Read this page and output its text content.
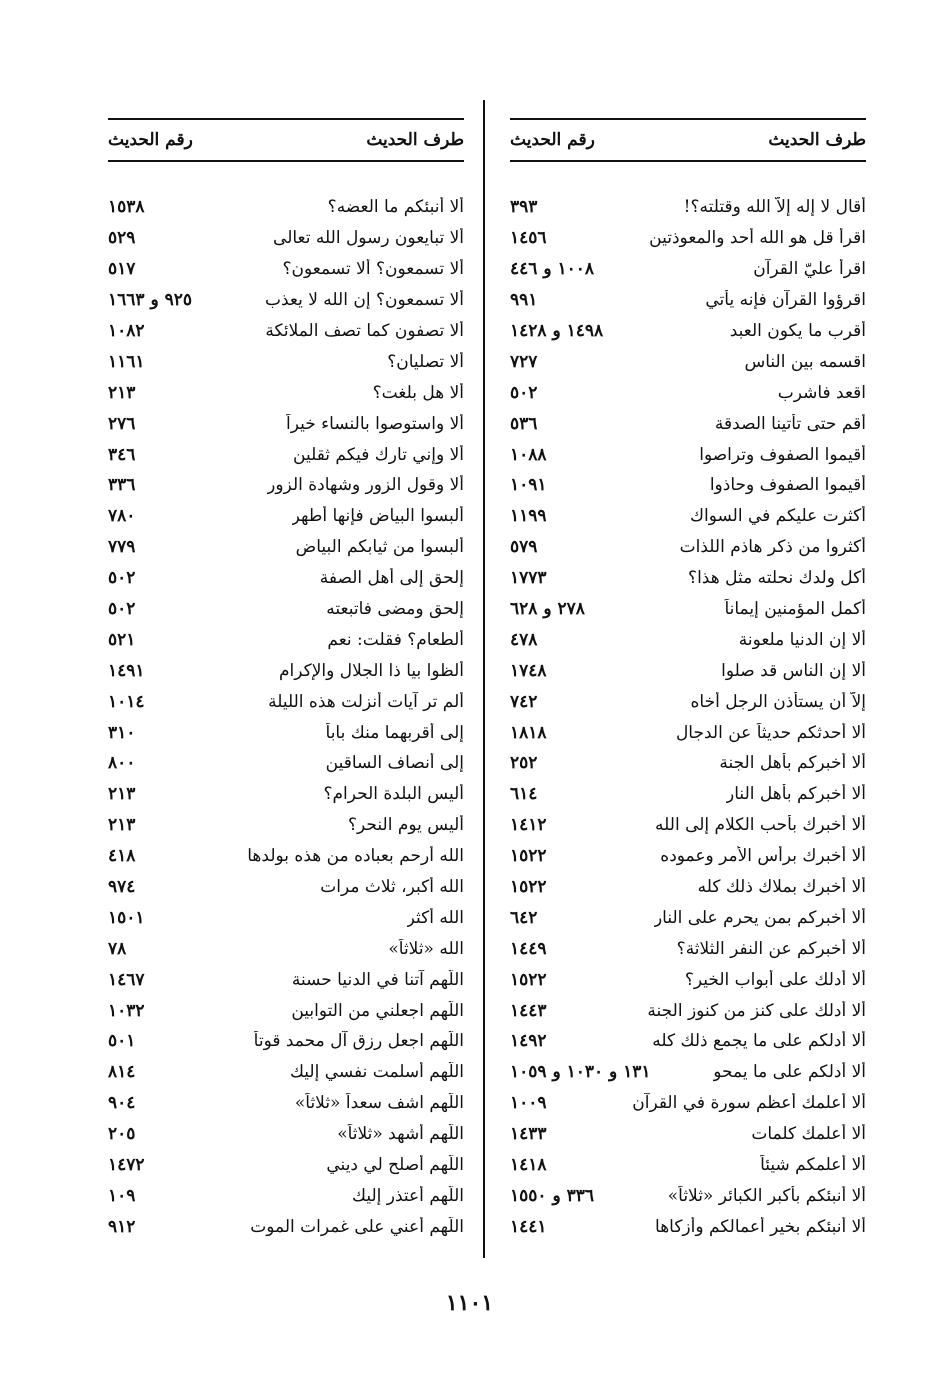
طرف الحديث
رقم الحديث
أقال لا إله إلاَّ الله وقتلته؟!
٣٩٣
اقرأ قل هو الله أحد والمعوذتين
١٤٥٦
اقرأ عليّ القرآن
١٠٠٨ و ٤٤٦
اقرؤوا القرآن فإنه يأتي
٩٩١
أقرب ما يكون العبد
١٤٩٨ و ١٤٢٨
اقسمه بين الناس
٧٢٧
اقعد فاشرب
٥٠٢
أقم حتى تأتينا الصدقة
٥٣٦
أقيموا الصفوف وتراصوا
١٠٨٨
أقيموا الصفوف وحاذوا
١٠٩١
أكثرت عليكم في السواك
١١٩٩
أكثروا من ذكر هاذم اللذات
٥٧٩
أكل ولدك نحلته مثل هذا؟
١٧٧٣
أكمل المؤمنين إيماناً
٢٧٨ و ٦٢٨
ألا إن الدنيا ملعونة
٤٧٨
ألا إن الناس قد صلوا
١٧٤٨
إلاَّ أن يستأذن الرجل أخاه
٧٤٢
ألا أحدثكم حديثاً عن الدجال
١٨١٨
ألا أخبركم بأهل الجنة
٢٥٢
ألا أخبركم بأهل النار
٦١٤
ألا أخبرك بأحب الكلام إلى الله
١٤١٢
ألا أخبرك برأس الأمر وعموده
١٥٢٢
ألا أخبرك بملاك ذلك كله
١٥٢٢
ألا أخبركم بمن يحرم على النار
٦٤٢
ألا أخبركم عن النفر الثلاثة؟
١٤٤٩
ألا أدلك على أبواب الخير؟
١٥٢٢
ألا أدلك على كنز من كنوز الجنة
١٤٤٣
ألا أدلكم على ما يجمع ذلك كله
١٤٩٢
ألا أدلكم على ما يمحو
١٣١ و ١٠٣٠ و ١٠٥٩
ألا أعلمك أعظم سورة في القرآن
١٠٠٩
ألا أعلمك كلمات
١٤٣٣
ألا أعلمكم شيئاً
١٤١٨
ألا أنبئكم بأكبر الكبائر «ثلاثاً»
٣٣٦ و ١٥٥٠
ألا أنبئكم بخير أعمالكم وأزكاها
١٤٤١
طرف الحديث
رقم الحديث
ألا أنبئكم ما العضه؟
١٥٣٨
ألا تبايعون رسول الله تعالى
٥٢٩
ألا تسمعون؟ ألا تسمعون؟
٥١٧
ألا تسمعون؟ إن الله لا يعذب
٩٢٥ و ١٦٦٣
ألا تصفون كما تصف الملائكة
١٠٨٢
ألا تصليان؟
١١٦١
ألا هل بلغت؟
٢١٣
ألا واستوصوا بالنساء خيراً
٢٧٦
ألا وإني تارك فيكم ثقلين
٣٤٦
ألا وقول الزور وشهادة الزور
٣٣٦
ألبسوا البياض فإنها أطهر
٧٨٠
ألبسوا من ثيابكم البياض
٧٧٩
إلحق إلى أهل الصفة
٥٠٢
إلحق ومضى فاتبعته
٥٠٢
ألطعام؟ فقلت: نعم
٥٢١
ألظوا بيا ذا الجلال والإكرام
١٤٩١
ألم تر آيات أنزلت هذه الليلة
١٠١٤
إلى أقربهما منك باباً
٣١٠
إلى أنصاف الساقين
٨٠٠
أليس البلدة الحرام؟
٢١٣
أليس يوم النحر؟
٢١٣
الله أرحم بعباده من هذه بولدها
٤١٨
الله أكبر، ثلاث مرات
٩٧٤
الله أكثر
١٥٠١
الله «ثلاثاً»
٧٨
اللَّهم آتنا في الدنيا حسنة
١٤٦٧
اللَّهم اجعلني من التوابين
١٠٣٢
اللَّهم اجعل رزق آل محمد قوتاً
٥٠١
اللَّهم أسلمت نفسي إليك
٨١٤
اللَّهم اشف سعداً «ثلاثاً»
٩٠٤
اللَّهم أشهد «ثلاثاً»
٢٠٥
اللَّهم أصلح لي ديني
١٤٧٢
اللَّهم أعتذر إليك
١٠٩
اللَّهم أعني على غمرات الموت
٩١٢
١١٠١
